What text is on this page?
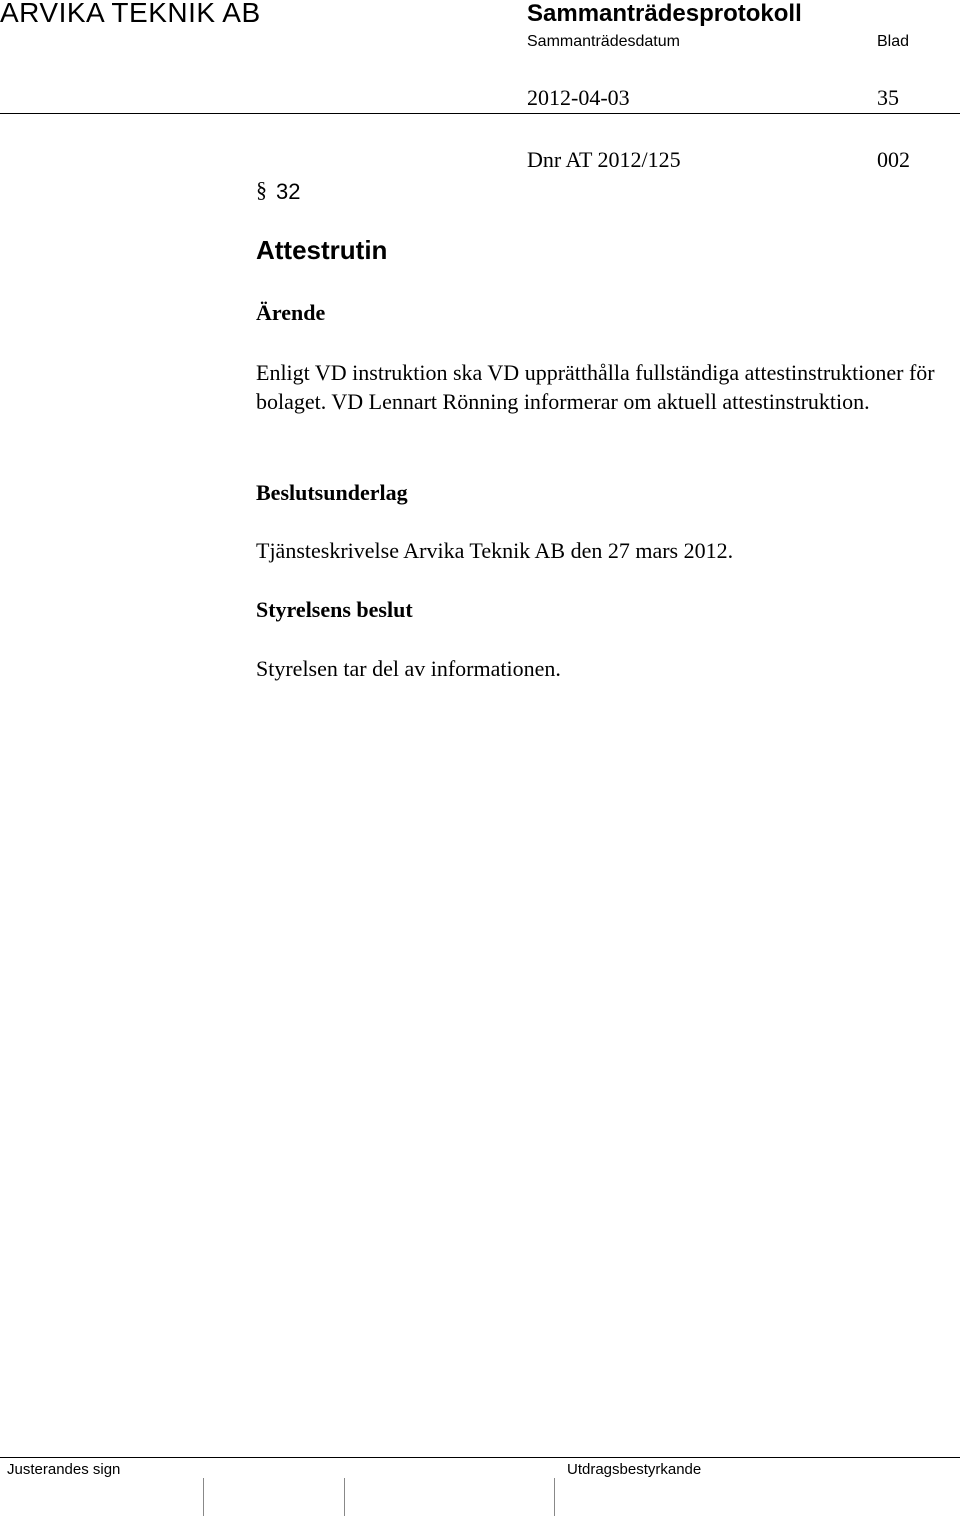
ARVIKA TEKNIK AB	Sammanträdesprotokoll
Sammanträdesdatum	Blad
2012-04-03	35
Dnr AT 2012/125	002
§ 32
Attestrutin
Ärende
Enligt VD instruktion ska VD upprätthålla fullständiga attestinstruktioner för bolaget. VD Lennart Rönning informerar om aktuell attestinstruktion.
Beslutsunderlag
Tjänsteskrivelse Arvika Teknik AB den 27 mars 2012.
Styrelsens beslut
Styrelsen tar del av informationen.
Justerandes sign	Utdragsbestyrkande
